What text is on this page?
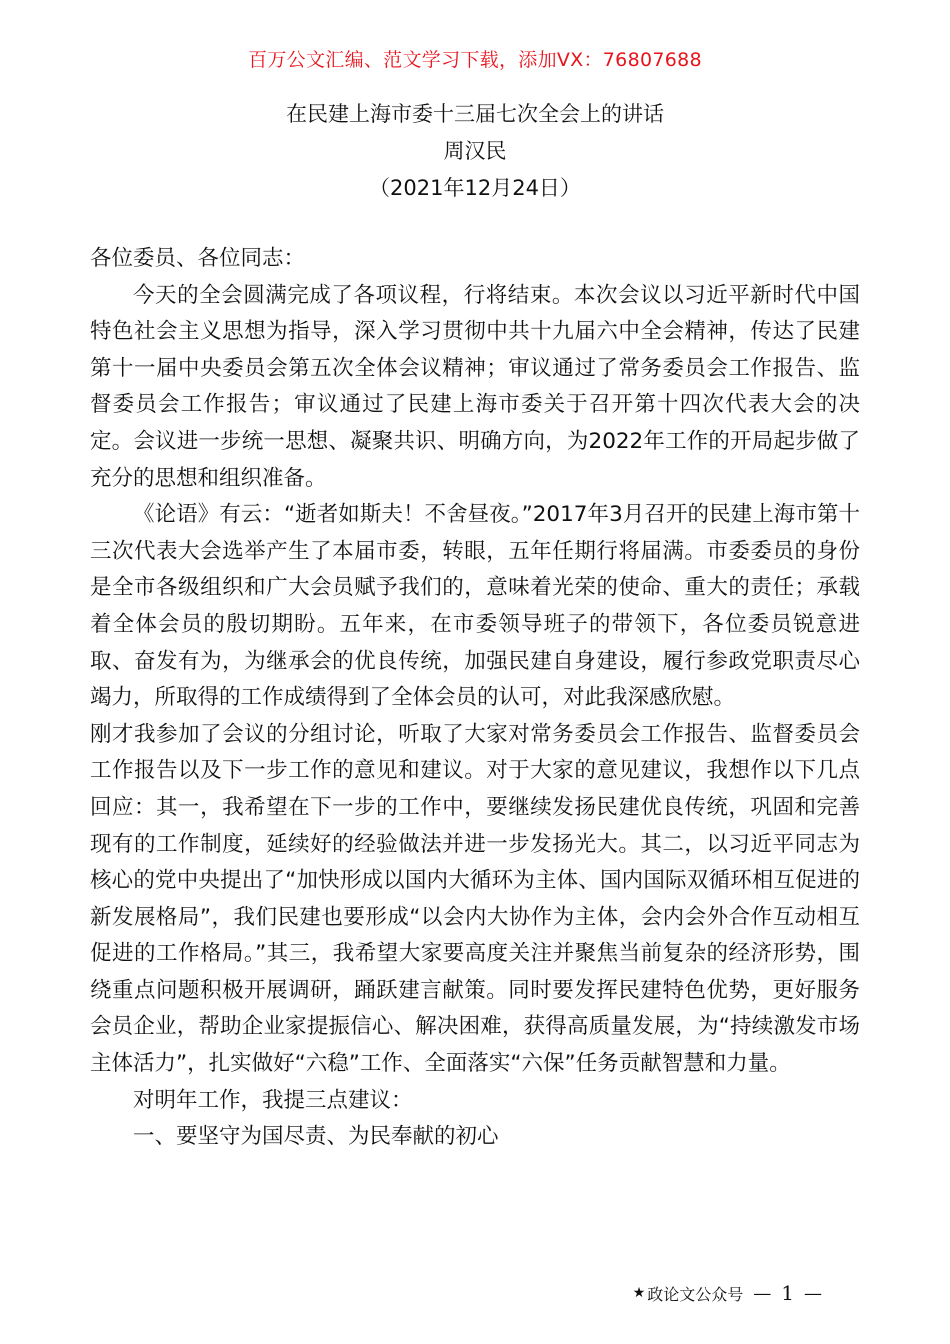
百万公文汇编、范文学习下载，添加VX：76807688
在民建上海市委十三届七次全会上的讲话
周汉民
（2021年12月24日）

各位委员、各位同志：

今天的全会圆满完成了各项议程，行将结束。本次会议以习近平新时代中国特色社会主义思想为指导，深入学习贯彻中共十九届六中全会精神，传达了民建第十一届中央委员会第五次全体会议精神；审议通过了常务委员会工作报告、监督委员会工作报告；审议通过了民建上海市委关于召开第十四次代表大会的决定。会议进一步统一思想、凝聚共识、明确方向，为2022年工作的开局起步做了充分的思想和组织准备。

《论语》有云：“逝者如斯夫！不舍昼夜。”2017年3月召开的民建上海市第十三次代表大会选举产生了本届市委，转眼，五年任期行将届满。市委委员的身份是全市各级组织和广大会员赋予我们的，意味着光荣的使命、重大的责任；承载着全体会员的殷切期盼。五年来，在市委领导班子的带领下，各位委员锐意进取、奋发有为，为继承会的优良传统，加强民建自身建设，履行参政党职责尽心竭力，所取得的工作成绩得到了全体会员的认可，对此我深感欣慰。

刚才我参加了会议的分组讨论，听取了大家对常务委员会工作报告、监督委员会工作报告以及下一步工作的意见和建议。对于大家的意见建议，我想作以下几点回应：其一，我希望在下一步的工作中，要继续发扬民建优良传统，巩固和完善现有的工作制度，延续好的经验做法并进一步发扬光大。其二，以习近平同志为核心的党中央提出了“加快形成以国内大循环为主体、国内国际双循环相互促进的新发展格局”，我们民建也要形成“以会内大协作为主体，会内会外合作互动相互促进的工作格局。”其三，我希望大家要高度关注并聚焦当前复杂的经济形势，围绕重点问题积极开展调研，踊跃建言献策。同时要发挥民建特色优势，更好服务会员企业，帮助企业家提振信心、解决困难，获得高质量发展，为“持续激发市场主体活力”，扎实做好“六稳”工作、全面落实“六保”任务贡献智慧和力量。

对明年工作，我提三点建议：

一、要坚守为国尽责、为民奉献的初心

★ 政论文公众号 — 1 —
